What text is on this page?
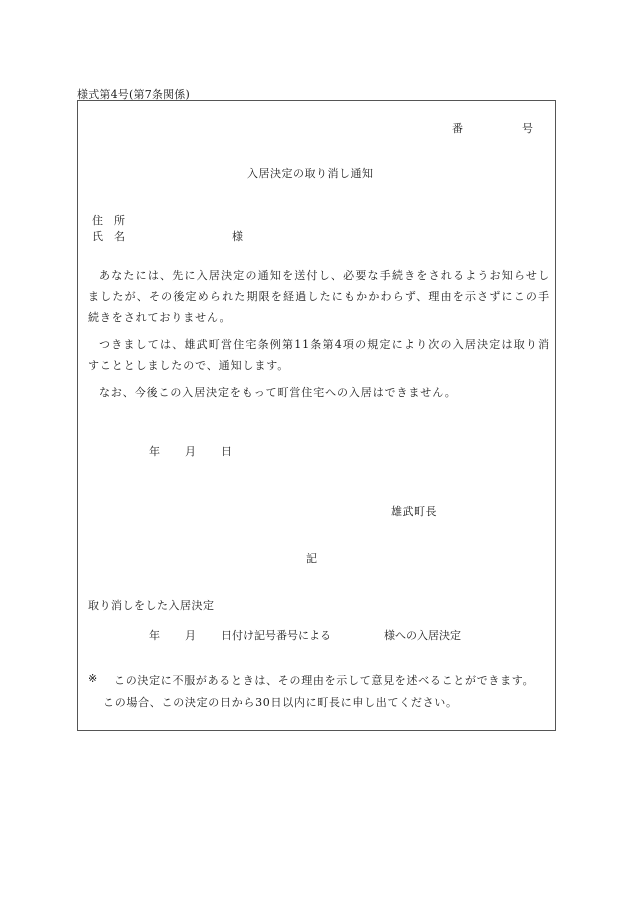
様式第4号(第7条関係)
番	号
入居決定の取り消し通知
住　所
氏　名	様
あなたには、先に入居決定の通知を送付し、必要な手続きをされるようお知らせしましたが、その後定められた期限を経過したにもかかわらず、理由を示さずにこの手続きをされておりません。
つきましては、雄武町営住宅条例第11条第4項の規定により次の入居決定は取り消すこととしましたので、通知します。
なお、今後この入居決定をもって町営住宅への入居はできません。
年 月 日
雄武町長
記
取り消しをした入居決定
年 月 日付け記号番号による	様への入居決定
※ この決定に不服があるときは、その理由を示して意見を述べることができます。
この場合、この決定の日から30日以内に町長に申し出てください。
